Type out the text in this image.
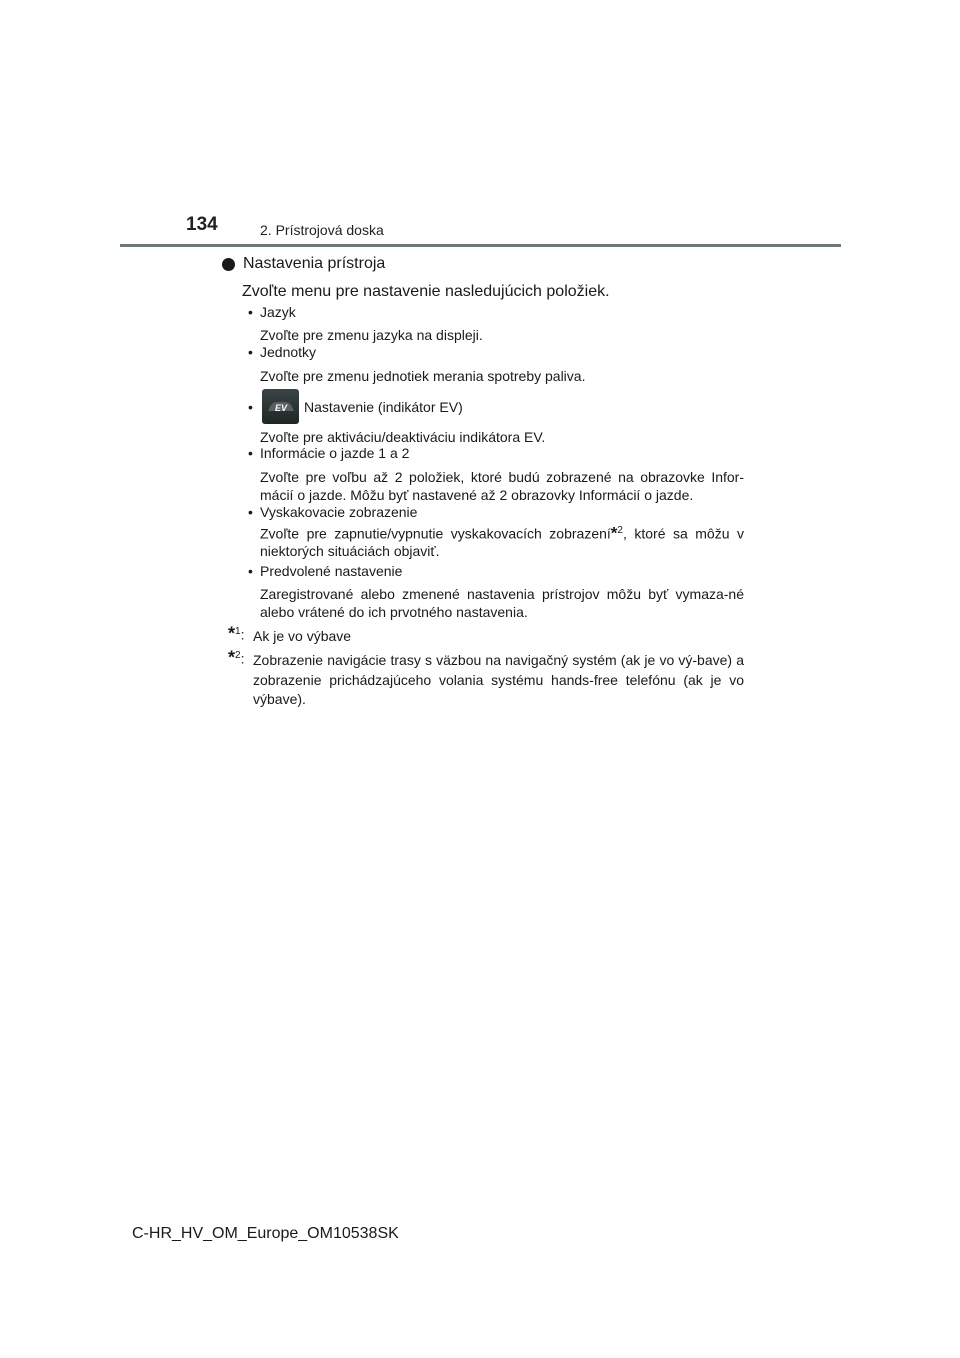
134	2. Prístrojová doska
Nastavenia prístroja
Zvoľte menu pre nastavenie nasledujúcich položiek.
• Jazyk
Zvoľte pre zmenu jazyka na displeji.
• Jednotky
Zvoľte pre zmenu jednotiek merania spotreby paliva.
•	EV Nastavenie (indikátor EV)
Zvoľte pre aktiváciu/deaktiváciu indikátora EV.
• Informácie o jazde 1 a 2
Zvoľte pre voľbu až 2 položiek, ktoré budú zobrazené na obrazovke Infor-mácií o jazde. Môžu byť nastavené až 2 obrazovky Informácií o jazde.
• Vyskakovacie zobrazenie
Zvoľte pre zapnutie/vypnutie vyskakovacích zobrazení*$^2$, ktoré sa môžu v niektorých situáciách objaviť.
• Predvolené nastavenie
Zaregistrované alebo zmenené nastavenia prístrojov môžu byť vymaza-né alebo vrátené do ich prvotného nastavenia.
*$^1$: Ak je vo výbave
*$^2$: Zobrazenie navigácie trasy s väzbou na navigačný systém (ak je vo vý-bave) a zobrazenie prichádzajúceho volania systému hands-free telefónu (ak je vo výbave).
C-HR_HV_OM_Europe_OM10538SK
